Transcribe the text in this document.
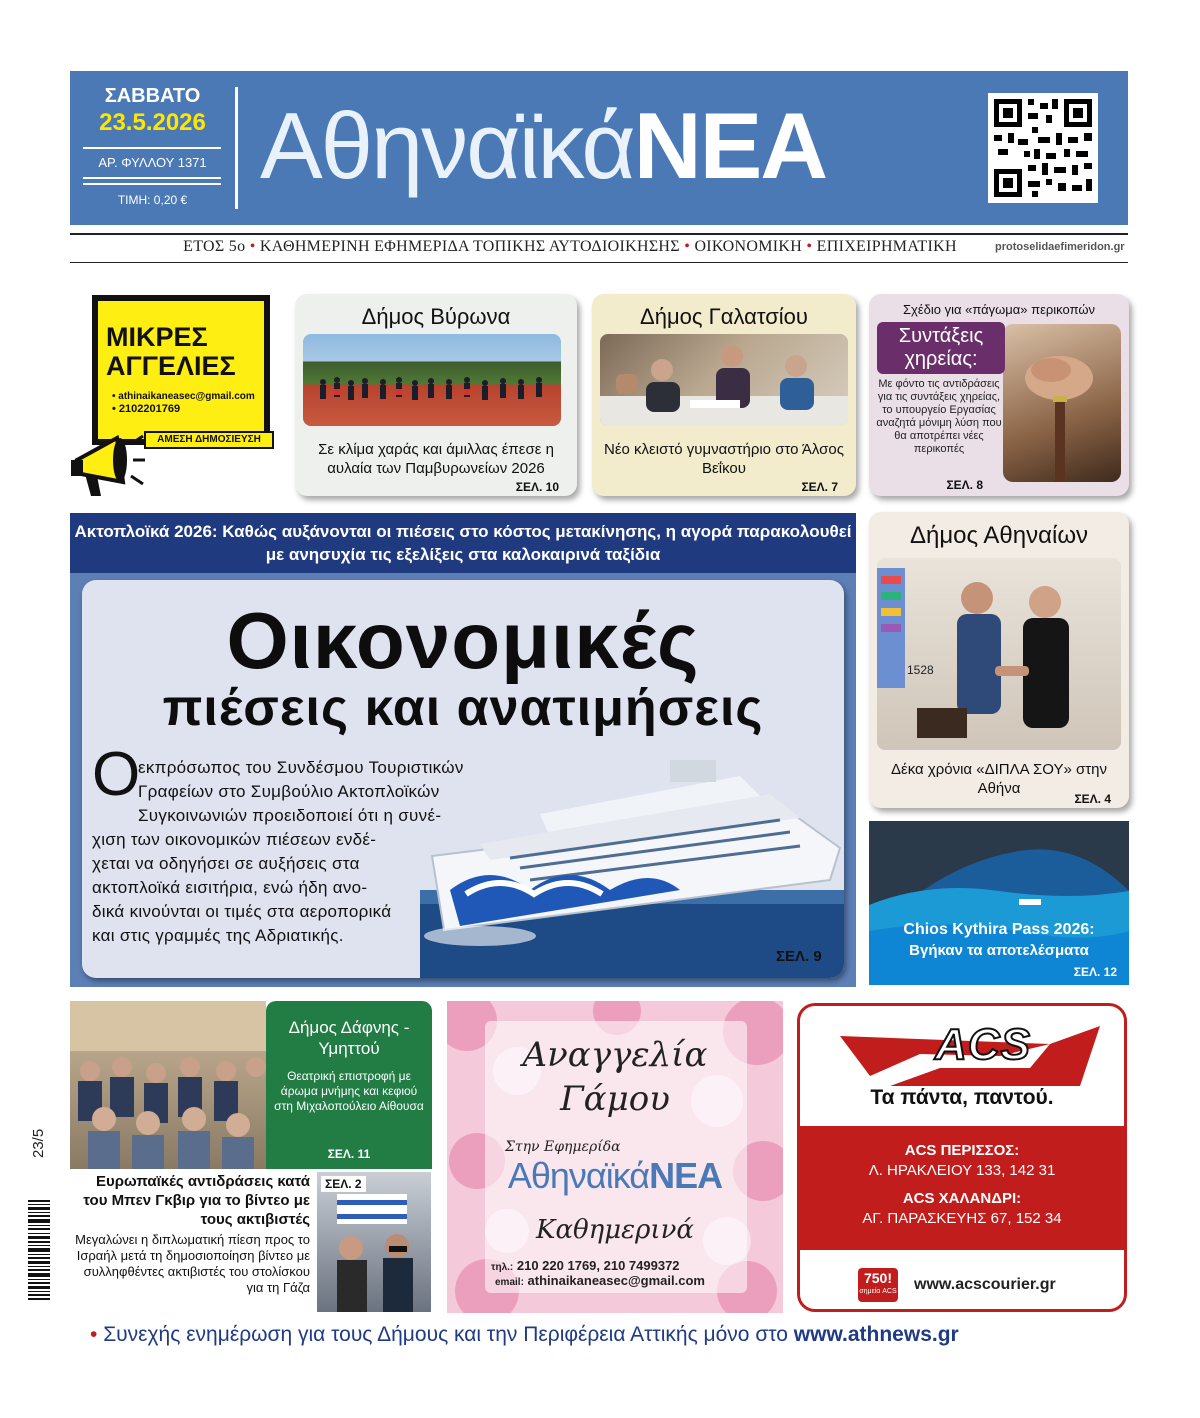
ΣΑΒΒΑΤΟ
23.5.2026
ΑΡ. ΦΥΛΛΟΥ 1371
ΤΙΜΗ: 0,20 €
ΑθηναϊκάΝΕΑ
ΕΤΟΣ 5ο • ΚΑΘΗΜΕΡΙΝΗ ΕΦΗΜΕΡΙΔΑ ΤΟΠΙΚΗΣ ΑΥΤΟΔΙΟΙΚΗΣΗΣ • ΟΙΚΟΝΟΜΙΚΗ • ΕΠΙΧΕΙΡΗΜΑΤΙΚΗ	protoselidaefimeridon.gr
ΜΙΚΡΕΣ
ΑΓΓΕΛΙΕΣ
• athinaikaneasec@gmail.com
• 2102201769
ΑΜΕΣΗ ΔΗΜΟΣΙΕΥΣΗ
Δήμος Βύρωνα
Σε κλίμα χαράς και άμιλλας έπεσε η αυλαία των Παμβυρωνείων 2026
ΣΕΛ. 10
Δήμος Γαλατσίου
Νέο κλειστό γυμναστήριο στο Άλσος Βεΐκου
ΣΕΛ. 7
Σχέδιο για «πάγωμα» περικοπών
Συντάξεις χηρείας:
Με φόντο τις αντιδράσεις για τις συντάξεις χηρείας, το υπουργείο Εργασίας αναζητά μόνιμη λύση που θα αποτρέπει νέες περικοπές
ΣΕΛ. 8
Ακτοπλοϊκά 2026: Καθώς αυξάνονται οι πιέσεις στο κόστος μετακίνησης, η αγορά παρακολουθεί με ανησυχία τις εξελίξεις στα καλοκαιρινά ταξίδια
Οικονομικές
πιέσεις και ανατιμήσεις
Ο
εκπρόσωπος του Συνδέσμου Τουριστικών
Γραφείων στο Συμβούλιο Ακτοπλοϊκών
Συγκοινωνιών προειδοποιεί ότι η συνέ-
χιση των οικονομικών πιέσεων ενδέ-
χεται να οδηγήσει σε αυξήσεις στα
ακτοπλοϊκά εισιτήρια, ενώ ήδη ανο-
δικά κινούνται οι τιμές στα αεροπορικά
και στις γραμμές της Αδριατικής.
ΣΕΛ. 9
Δήμος Αθηναίων
1528
Δέκα χρόνια «ΔΙΠΛΑ ΣΟΥ» στην Αθήνα
ΣΕΛ. 4
Chios Kythira Pass 2026:
Βγήκαν τα αποτελέσματα
ΣΕΛ. 12
Δήμος Δάφνης - Υμηττού
Θεατρική επιστροφή με άρωμα μνήμης και κεφιού στη Μιχαλοπούλειο Αίθουσα
ΣΕΛ. 11
23/5
Ευρωπαϊκές αντιδράσεις κατά του Μπεν Γκβιρ για το βίντεο με τους ακτιβιστές
Μεγαλώνει η διπλωματική πίεση προς το Ισραήλ μετά τη δημοσιοποίηση βίντεο με συλληφθέντες ακτιβιστές του στολίσκου για τη Γάζα
ΣΕΛ. 2
Αναγγελία
Γάμου
Στην Εφημερίδα
ΑθηναϊκάΝΕΑ
Καθημερινά
τηλ.: 210 220 1769, 210 7499372
email: athinaikaneasec@gmail.com
ACS
Τα πάντα, παντού.
ACS ΠΕΡΙΣΣΟΣ:
Λ. ΗΡΑΚΛΕΙΟΥ 133, 142 31
ACS ΧΑΛΑΝΔΡΙ:
ΑΓ. ΠΑΡΑΣΚΕΥΗΣ 67, 152 34
750!
σημεία ACS www.acscourier.gr
• Συνεχής ενημέρωση για τους Δήμους και την Περιφέρεια Αττικής μόνο στο www.athnews.gr
